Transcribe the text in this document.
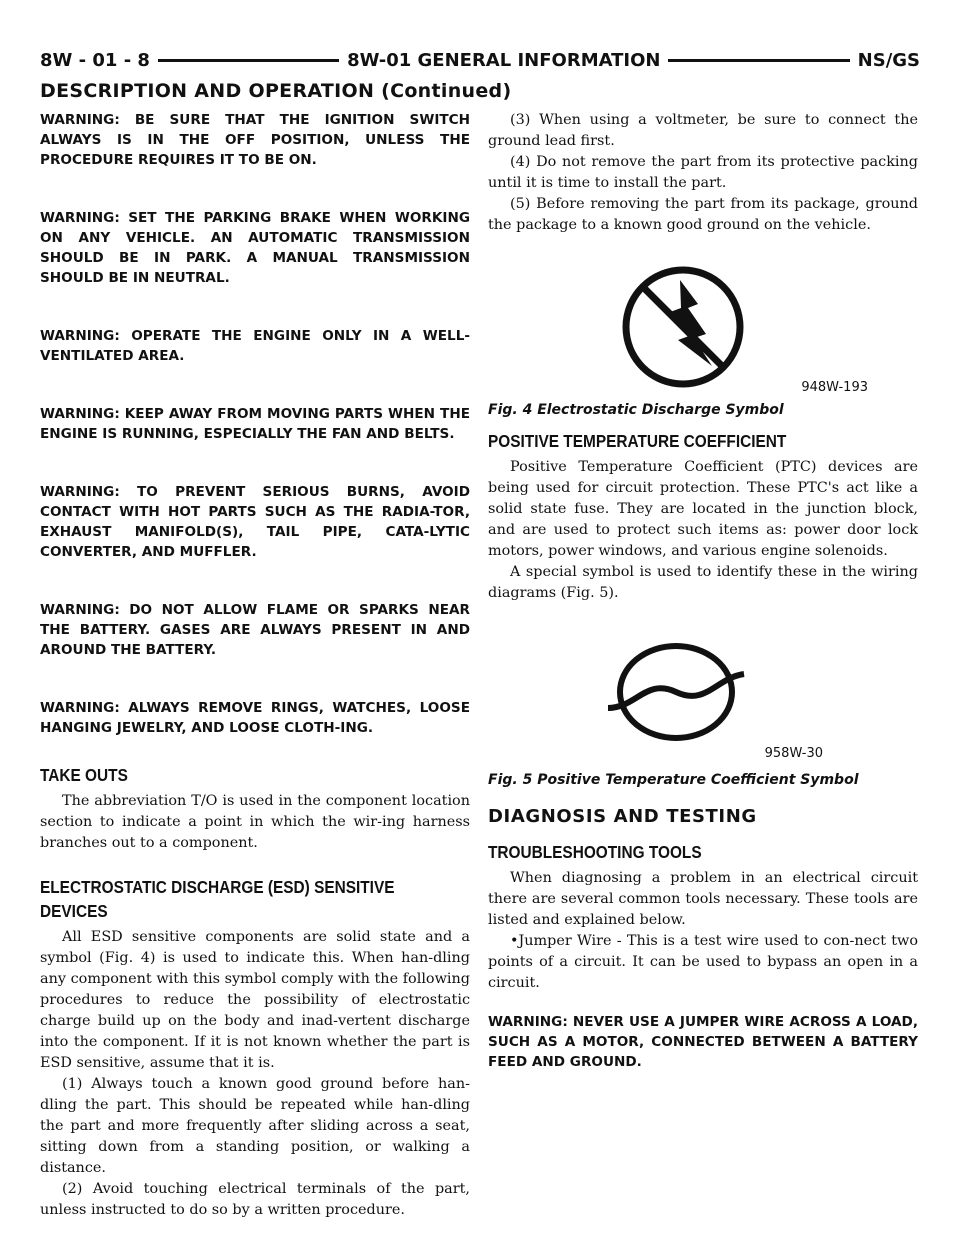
8W - 01 - 8	8W-01 GENERAL INFORMATION	NS/GS
DESCRIPTION AND OPERATION (Continued)

WARNING: BE SURE THAT THE IGNITION SWITCH ALWAYS IS IN THE OFF POSITION, UNLESS THE PROCEDURE REQUIRES IT TO BE ON.

WARNING: SET THE PARKING BRAKE WHEN WORKING ON ANY VEHICLE. AN AUTOMATIC TRANSMISSION SHOULD BE IN PARK. A MANUAL TRANSMISSION SHOULD BE IN NEUTRAL.

WARNING: OPERATE THE ENGINE ONLY IN A WELL-VENTILATED AREA.

WARNING: KEEP AWAY FROM MOVING PARTS WHEN THE ENGINE IS RUNNING, ESPECIALLY THE FAN AND BELTS.

WARNING: TO PREVENT SERIOUS BURNS, AVOID CONTACT WITH HOT PARTS SUCH AS THE RADIA-TOR, EXHAUST MANIFOLD(S), TAIL PIPE, CATA-LYTIC CONVERTER, AND MUFFLER.

WARNING: DO NOT ALLOW FLAME OR SPARKS NEAR THE BATTERY. GASES ARE ALWAYS PRESENT IN AND AROUND THE BATTERY.

WARNING: ALWAYS REMOVE RINGS, WATCHES, LOOSE HANGING JEWELRY, AND LOOSE CLOTH-ING.

TAKE OUTS

The abbreviation T/O is used in the component location section to indicate a point in which the wir-ing harness branches out to a component.

ELECTROSTATIC DISCHARGE (ESD) SENSITIVE
DEVICES

All ESD sensitive components are solid state and a symbol (Fig. 4) is used to indicate this. When han-dling any component with this symbol comply with the following procedures to reduce the possibility of electrostatic charge build up on the body and inad-vertent discharge into the component. If it is not known whether the part is ESD sensitive, assume that it is.

(1) Always touch a known good ground before han-dling the part. This should be repeated while han-dling the part and more frequently after sliding across a seat, sitting down from a standing position, or walking a distance.

(2) Avoid touching electrical terminals of the part, unless instructed to do so by a written procedure.

(3) When using a voltmeter, be sure to connect the ground lead first.

(4) Do not remove the part from its protective packing until it is time to install the part.

(5) Before removing the part from its package, ground the package to a known good ground on the vehicle.

948W-193

Fig. 4 Electrostatic Discharge Symbol

POSITIVE TEMPERATURE COEFFICIENT

Positive Temperature Coefficient (PTC) devices are being used for circuit protection. These PTC's act like a solid state fuse. They are located in the junction block, and are used to protect such items as: power door lock motors, power windows, and various engine solenoids.

A special symbol is used to identify these in the wiring diagrams (Fig. 5).

958W-30

Fig. 5 Positive Temperature Coefficient Symbol

DIAGNOSIS AND TESTING
TROUBLESHOOTING TOOLS

When diagnosing a problem in an electrical circuit there are several common tools necessary. These tools are listed and explained below.

•Jumper Wire - This is a test wire used to con-nect two points of a circuit. It can be used to bypass an open in a circuit.

WARNING: NEVER USE A JUMPER WIRE ACROSS A LOAD, SUCH AS A MOTOR, CONNECTED BETWEEN A BATTERY FEED AND GROUND.
